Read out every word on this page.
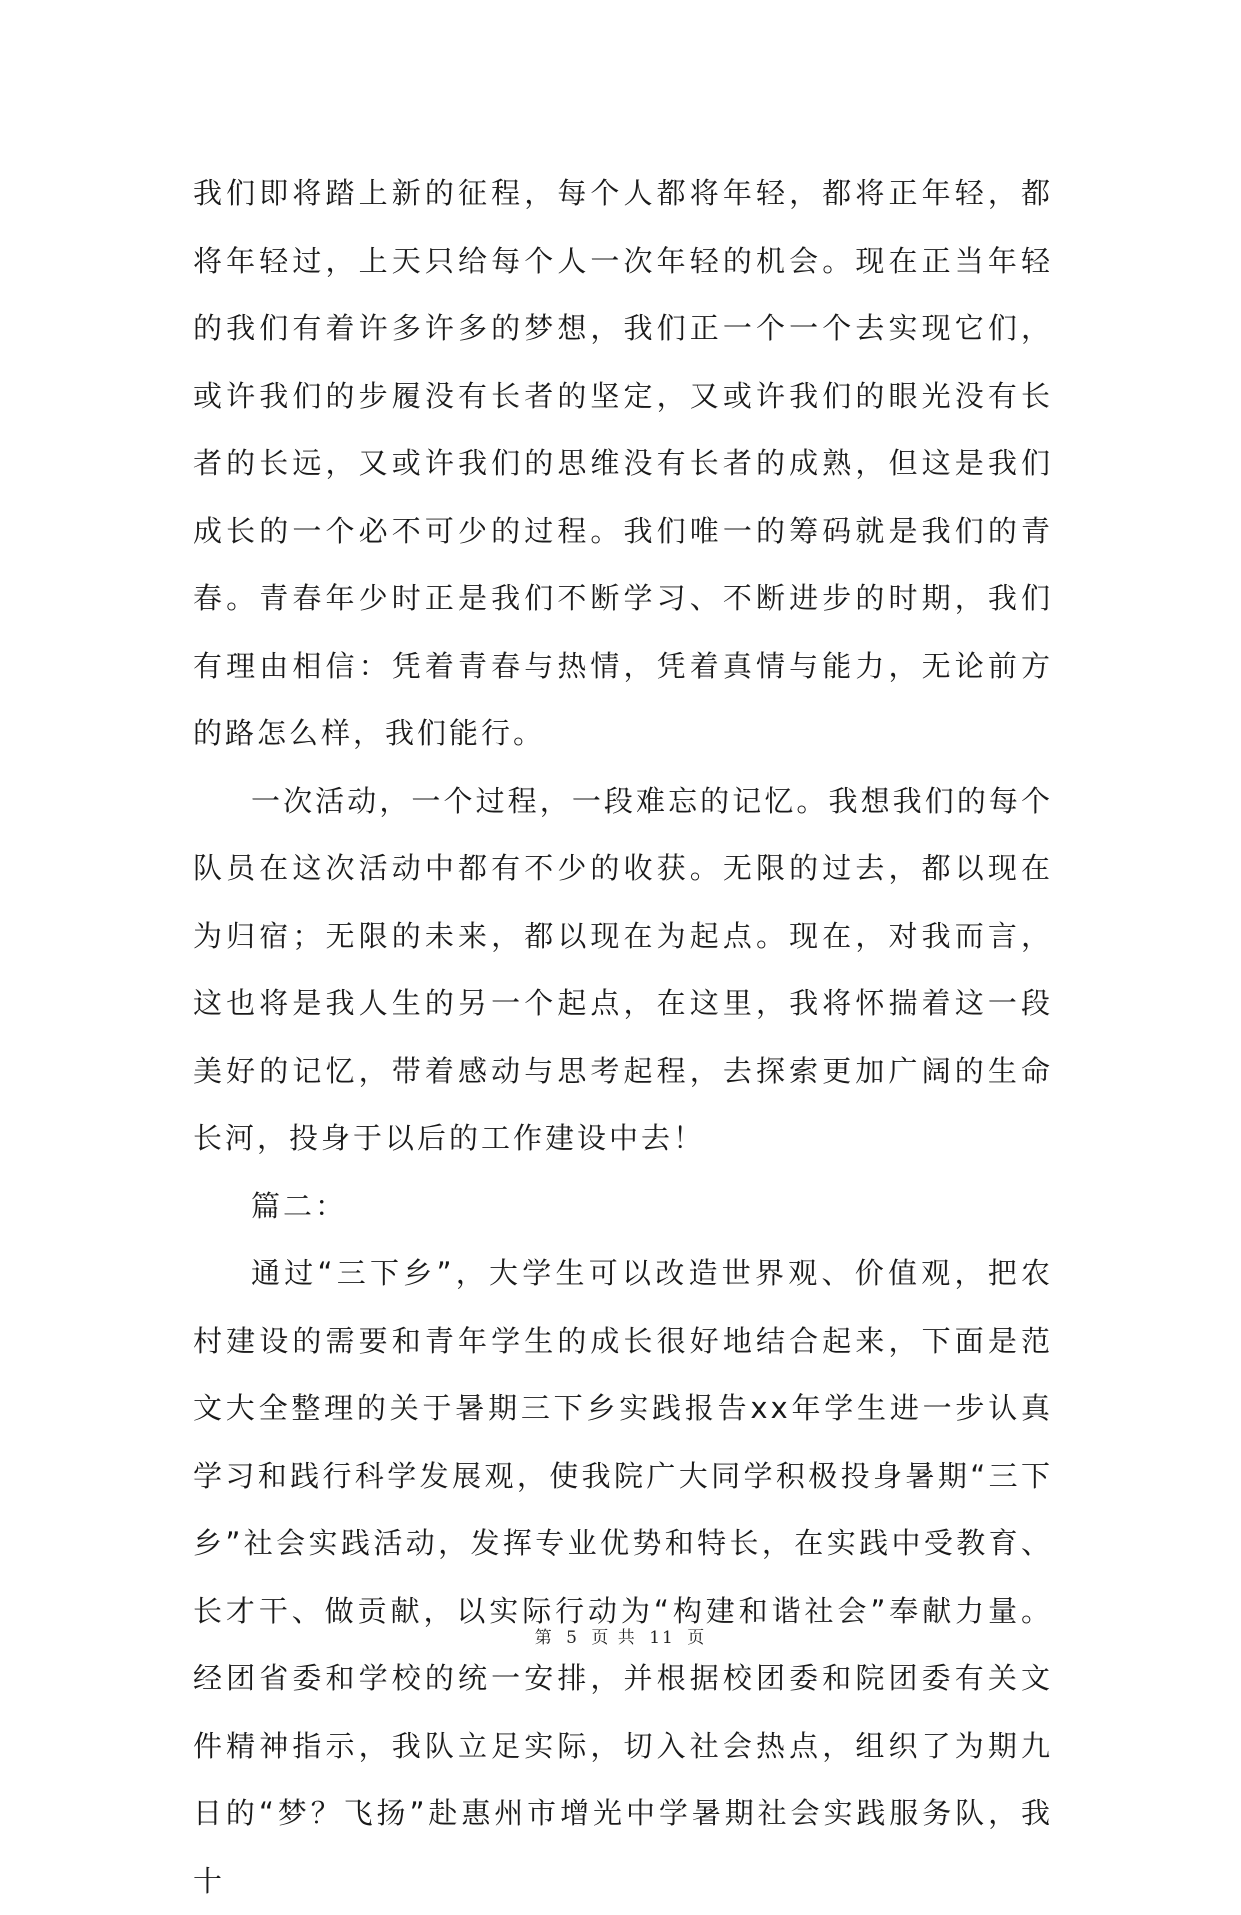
我们即将踏上新的征程，每个人都将年轻，都将正年轻，都将年轻过，上天只给每个人一次年轻的机会。现在正当年轻的我们有着许多许多的梦想，我们正一个一个去实现它们，或许我们的步履没有长者的坚定，又或许我们的眼光没有长者的长远，又或许我们的思维没有长者的成熟，但这是我们成长的一个必不可少的过程。我们唯一的筹码就是我们的青春。青春年少时正是我们不断学习、不断进步的时期，我们有理由相信：凭着青春与热情，凭着真情与能力，无论前方的路怎么样，我们能行。

一次活动，一个过程，一段难忘的记忆。我想我们的每个队员在这次活动中都有不少的收获。无限的过去，都以现在为归宿；无限的未来，都以现在为起点。现在，对我而言，这也将是我人生的另一个起点，在这里，我将怀揣着这一段美好的记忆，带着感动与思考起程，去探索更加广阔的生命长河，投身于以后的工作建设中去！

篇二：

通过“三下乡”，大学生可以改造世界观、价值观，把农村建设的需要和青年学生的成长很好地结合起来，下面是范文大全整理的关于暑期三下乡实践报告xx年学生进一步认真学习和践行科学发展观，使我院广大同学积极投身暑期“三下乡”社会实践活动，发挥专业优势和特长，在实践中受教育、长才干、做贡献，以实际行动为“构建和谐社会”奉献力量。经团省委和学校的统一安排，并根据校团委和院团委有关文件精神指示，我队立足实际，切入社会热点，组织了为期九日的“梦？飞扬”赴惠州市增光中学暑期社会实践服务队，我十

第 5 页 共 11 页
